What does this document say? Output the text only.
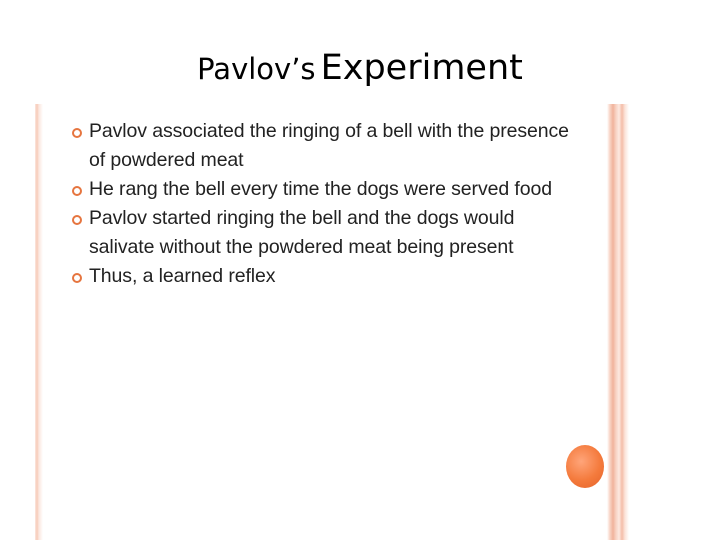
Pavlov’s Experiment
Pavlov associated the ringing of a bell with the presence of powdered meat
He rang the bell every time the dogs were served food
Pavlov started ringing the bell and the dogs would salivate without the powdered meat being present
Thus, a learned reflex
